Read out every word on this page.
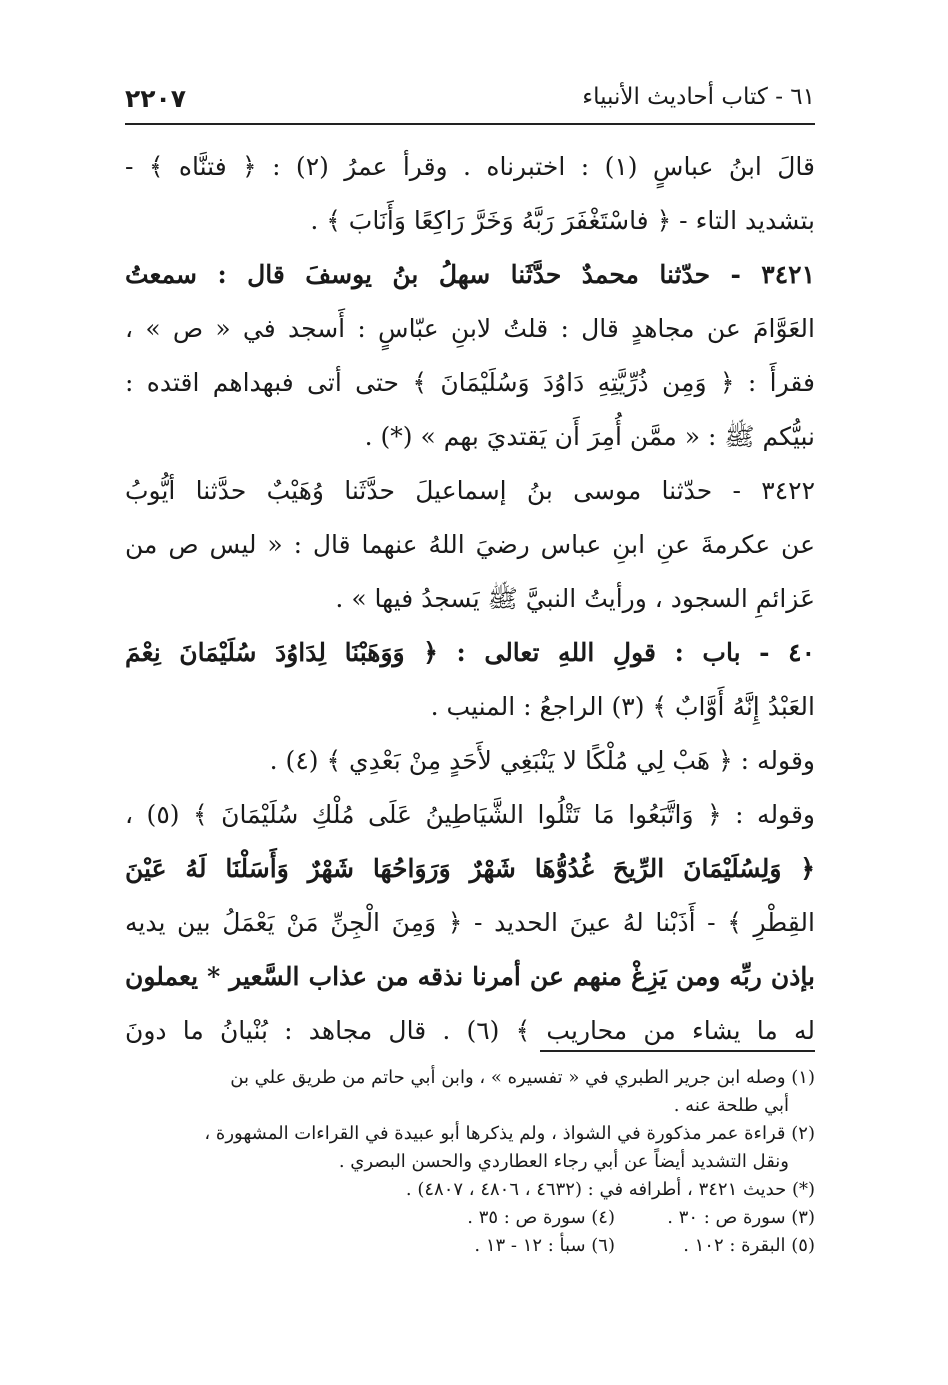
٢٢٠٧	٦١ - كتاب أحاديث الأنبياء
قالَ ابنُ عباسٍ (١) : اختبرناه . وقرأ عمرُ (٢) : ﴿ فتنَّاه ﴾ -
بتشديد التاء - ﴿ فاسْتَغْفَرَ رَبَّهُ وَخَرَّ رَاكِعًا وَأَنَابَ ﴾ .
٣٤٢١ - حدّثنا محمدٌ حدَّثَنا سهلُ بنُ يوسفَ قال : سمعتُ
العَوَّامَ عن مجاهدٍ قال : قلتُ لابنِ عبّاسٍ : أَسجد في « ص » ،
فقرأَ : ﴿ وَمِن ذُرِّيَّتِهِ دَاوُدَ وَسُلَيْمَانَ ﴾ حتى أتى فبهداهم اقتده :
نبيُّكم ﷺ : « ممَّن أُمِرَ أَن يَقتديَ بهم » (*) .
٣٤٢٢ - حدّثنا موسى بنُ إسماعيلَ حدَّثَنا وُهَيْبٌ حدَّثنا أيُّوبُ
عن عكرمةَ عنِ ابنِ عباس رضيَ اللهُ عنهما قال : « ليس ص من
عَزائمِ السجود ، ورأيتُ النبيَّ ﷺ يَسجدُ فيها » .
٤٠ - باب : قولِ اللهِ تعالى : ﴿ وَوَهَبْنَا لِدَاوُدَ سُلَيْمَانَ نِعْمَ
العَبْدُ إِنَّهُ أَوَّابٌ ﴾ (٣) الراجعُ : المنيب .
وقوله : ﴿ هَبْ لِي مُلْكًا لا يَنْبَغِي لأَحَدٍ مِنْ بَعْدِي ﴾ (٤) .
وقوله : ﴿ وَاتَّبَعُوا مَا تَتْلُوا الشَّيَاطِينُ عَلَى مُلْكِ سُلَيْمَانَ ﴾ (٥) ،
﴿ وَلِسُلَيْمَانَ الرِّيحَ غُدُوُّهَا شَهْرٌ وَرَوَاحُهَا شَهْرٌ وَأَسَلْنَا لَهُ عَيْنَ
القِطْرِ ﴾ - أَذَبْنا لهُ عينَ الحديد - ﴿ وَمِنَ الْجِنِّ مَنْ يَعْمَلُ بين يديه
بإذن ربِّه ومن يَزِغْ منهم عن أمرنا نذقه من عذاب السَّعير * يعملون
له ما يشاء من محاريب ﴾ (٦) . قال مجاهد : بُنْيانُ ما دونَ
(١) وصله ابن جرير الطبري في « تفسيره » ، وابن أبي حاتم من طريق علي بن
أبي طلحة عنه .
(٢) قراءة عمر مذكورة في الشواذ ، ولم يذكرها أبو عبيدة في القراءات المشهورة ،
ونقل التشديد أيضاً عن أبي رجاء العطاردي والحسن البصري .
(*) حديث ٣٤٢١ ، أطرافه في : (٤٦٣٢ ، ٤٨٠٦ ، ٤٨٠٧) .
(٣) سورة ص : ٣٠ .
(٤) سورة ص : ٣٥ .
(٥) البقرة : ١٠٢ .
(٦) سبأ : ١٢ - ١٣ .
